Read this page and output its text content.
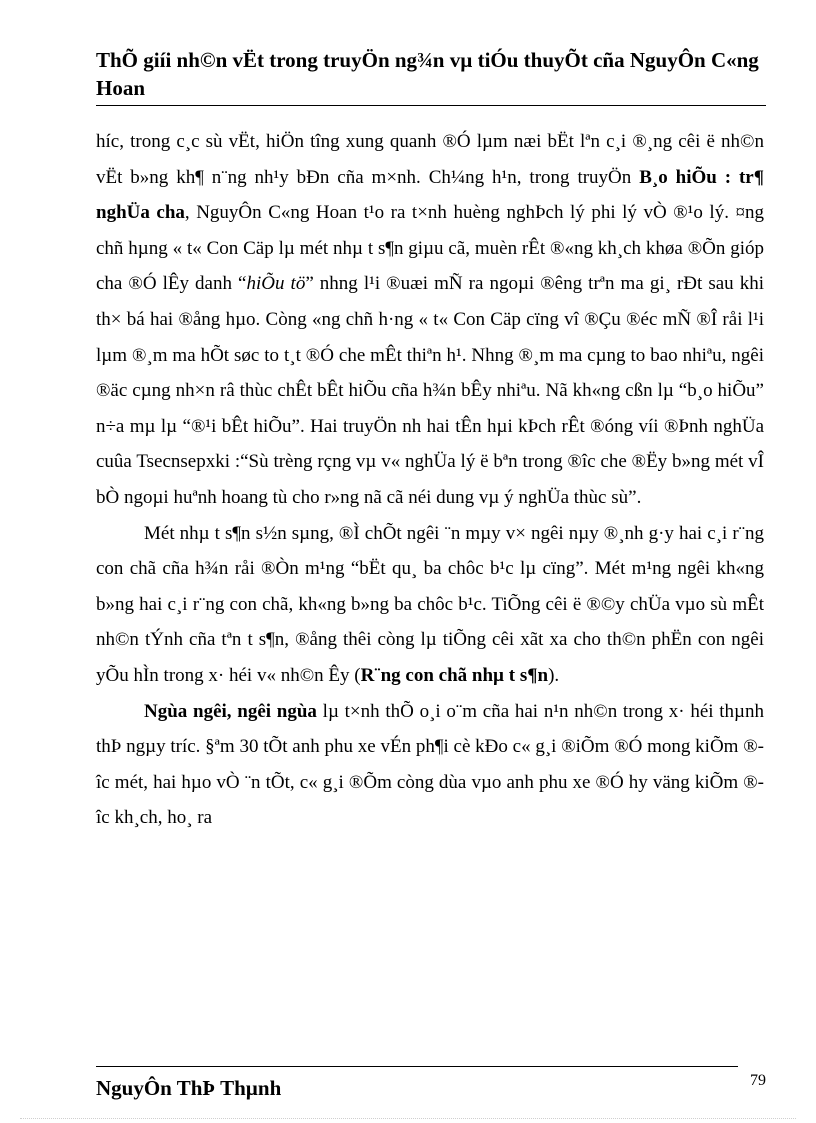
ThÕ giíi nh©n vËt trong truyÖn ng¾n vµ tiÓu thuyÕt cña NguyÔn C«ng Hoan

híc, trong c¸c sù vËt, hiÖn tîng xung quanh ®Ó lµm næi bËt lªn c¸i ®¸ng cêi ë nh©n vËt b»ng kh¶ n¨ng nh¹y bÐn cña m×nh. Ch¼ng h¹n, trong truyÖn B¸o hiÕu : tr¶ nghÜa cha, NguyÔn C«ng Hoan t¹o ra t×nh huèng nghÞch lý phi lý vÒ ®¹o lý. ¤ng chñ hµng « t« Con Cäp lµ mét nhµ t s¶n giµu cã, muèn rÊt ®«ng kh¸ch khøa ®Õn gióp cha ®Ó lÊy danh “hiÕu tö” nhng l¹i ®uæi mÑ ra ngoµi ®êng trªn ma gi¸ rÐt sau khi th× bá hai ®ång hµo. Còng «ng chñ h·ng « t« Con Cäp cïng vî ®Çu ®éc mÑ ®Î råi l¹i lµm ®¸m ma hÕt søc to t¸t ®Ó che mÊt thiªn h¹. Nhng ®¸m ma cµng to bao nhiªu, ngêi ®äc cµng nh×n râ thùc chÊt bÊt hiÕu cña h¾n bÊy nhiªu. Nã kh«ng cßn lµ “b¸o hiÕu” n÷a mµ lµ “®¹i bÊt hiÕu”. Hai truyÖn nh hai tÊn hµi kÞch rÊt ®óng víi ®Þnh nghÜa cuûa Tsecnsepxki :“Sù trèng rçng vµ v« nghÜa lý ë bªn trong ®îc che ®Ëy b»ng mét vÎ bÒ ngoµi huªnh hoang tù cho r»ng nã cã néi dung vµ ý nghÜa thùc sù”.

Mét nhµ t s¶n s½n sµng, ®Ì chÕt ngêi ¨n mµy v× ngêi nµy ®¸nh g·y hai c¸i r¨ng con chã cña h¾n råi ®Òn m¹ng “bËt qu¸ ba chôc b¹c lµ cïng”. Mét m¹ng ngêi kh«ng b»ng hai c¸i r¨ng con chã, kh«ng b»ng ba chôc b¹c. TiÕng cêi ë ®©y chÜa vµo sù mÊt nh©n tÝnh cña tªn t s¶n, ®ång thêi còng lµ tiÕng cêi xãt xa cho th©n phËn con ngêi yÕu hÌn trong x· héi v« nh©n Êy (R¨ng con chã nhµ t s¶n).

Ngùa ngêi, ngêi ngùa lµ t×nh thÕ o¸i o¨m cña hai n¹n nh©n trong x· héi thµnh thÞ ngµy tríc. §ªm 30 tÕt anh phu xe vÉn ph¶i cè kÐo c« g¸i ®iÕm ®Ó mong kiÕm ®îc mét, hai hµo vÒ ¨n tÕt, c« g¸i ®Õm còng dùa vµo anh phu xe ®Ó hy väng kiÕm ®îc kh¸ch, ho¸ ra

NguyÔn ThÞ Thµnh	79
